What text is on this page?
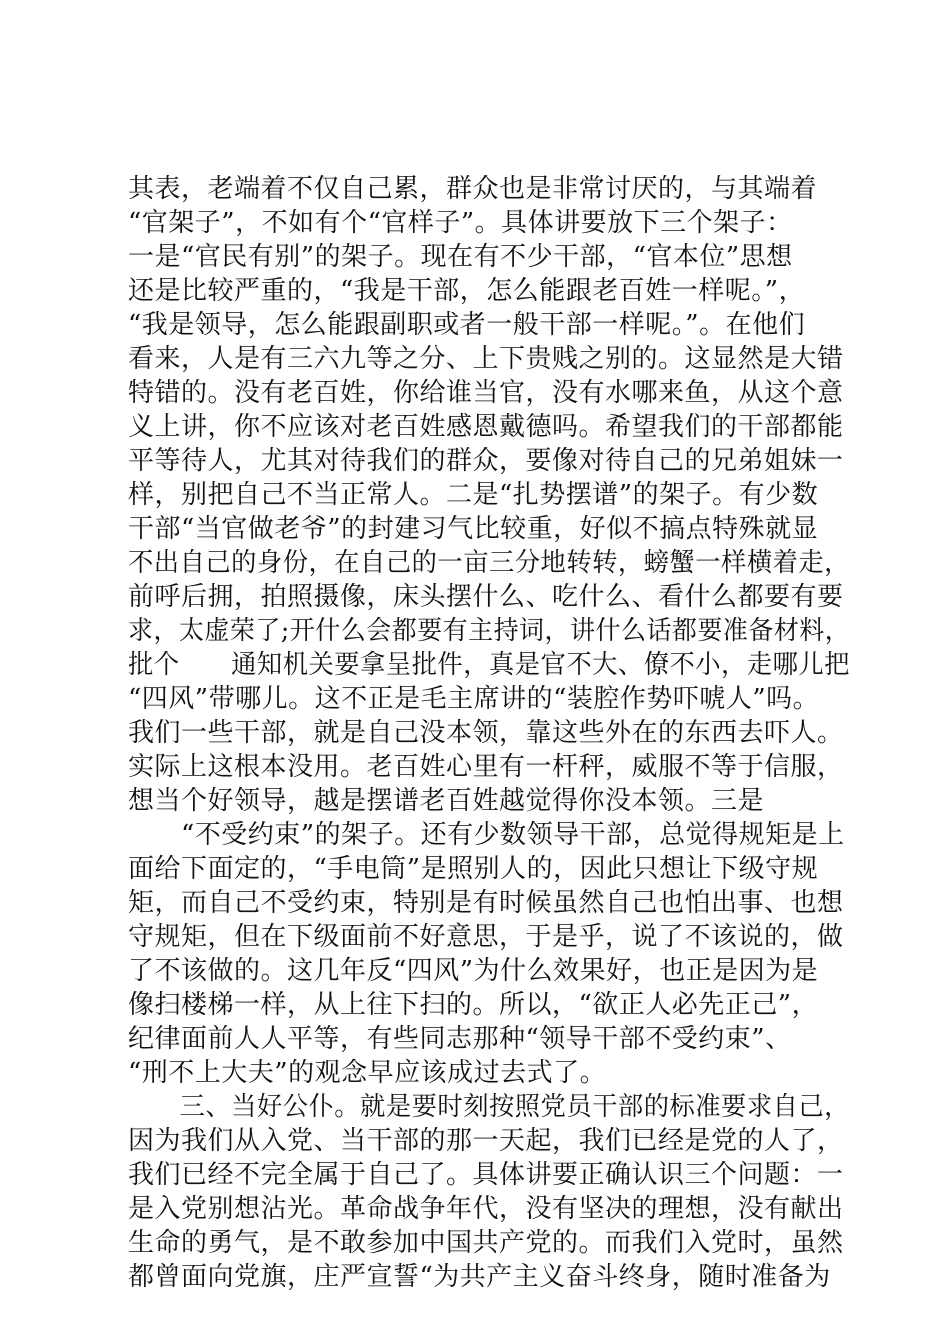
其表，老端着不仅自己累，群众也是非常讨厌的，与其端着
“官架子”，不如有个“官样子”。具体讲要放下三个架子：
一是“官民有别”的架子。现在有不少干部，“官本位”思想
还是比较严重的，“我是干部，怎么能跟老百姓一样呢。”，
“我是领导，怎么能跟副职或者一般干部一样呢。”。在他们
看来，人是有三六九等之分、上下贵贱之别的。这显然是大错
特错的。没有老百姓，你给谁当官，没有水哪来鱼，从这个意
义上讲，你不应该对老百姓感恩戴德吗。希望我们的干部都能
平等待人，尤其对待我们的群众，要像对待自己的兄弟姐妹一
样，别把自己不当正常人。二是“扎势摆谱”的架子。有少数
干部“当官做老爷”的封建习气比较重，好似不搞点特殊就显
不出自己的身份，在自己的一亩三分地转转，螃蟹一样横着走，
前呼后拥，拍照摄像，床头摆什么、吃什么、看什么都要有要
求，太虚荣了;开什么会都要有主持词，讲什么话都要准备材料，
批个　　通知机关要拿呈批件，真是官不大、僚不小，走哪儿把
“四风”带哪儿。这不正是毛主席讲的“装腔作势吓唬人”吗。
我们一些干部，就是自己没本领，靠这些外在的东西去吓人。
实际上这根本没用。老百姓心里有一杆秤，威服不等于信服，
想当个好领导，越是摆谱老百姓越觉得你没本领。三是
　　“不受约束”的架子。还有少数领导干部，总觉得规矩是上
面给下面定的，“手电筒”是照别人的，因此只想让下级守规
矩，而自己不受约束，特别是有时候虽然自己也怕出事、也想
守规矩，但在下级面前不好意思，于是乎，说了不该说的，做
了不该做的。这几年反“四风”为什么效果好，也正是因为是
像扫楼梯一样，从上往下扫的。所以，“欲正人必先正己”，
纪律面前人人平等，有些同志那种“领导干部不受约束”、
“刑不上大夫”的观念早应该成过去式了。
　　三、当好公仆。就是要时刻按照党员干部的标准要求自己，
因为我们从入党、当干部的那一天起，我们已经是党的人了，
我们已经不完全属于自己了。具体讲要正确认识三个问题：一
是入党别想沾光。革命战争年代，没有坚决的理想，没有献出
生命的勇气，是不敢参加中国共产党的。而我们入党时，虽然
都曾面向党旗，庄严宣誓“为共产主义奋斗终身，随时准备为
